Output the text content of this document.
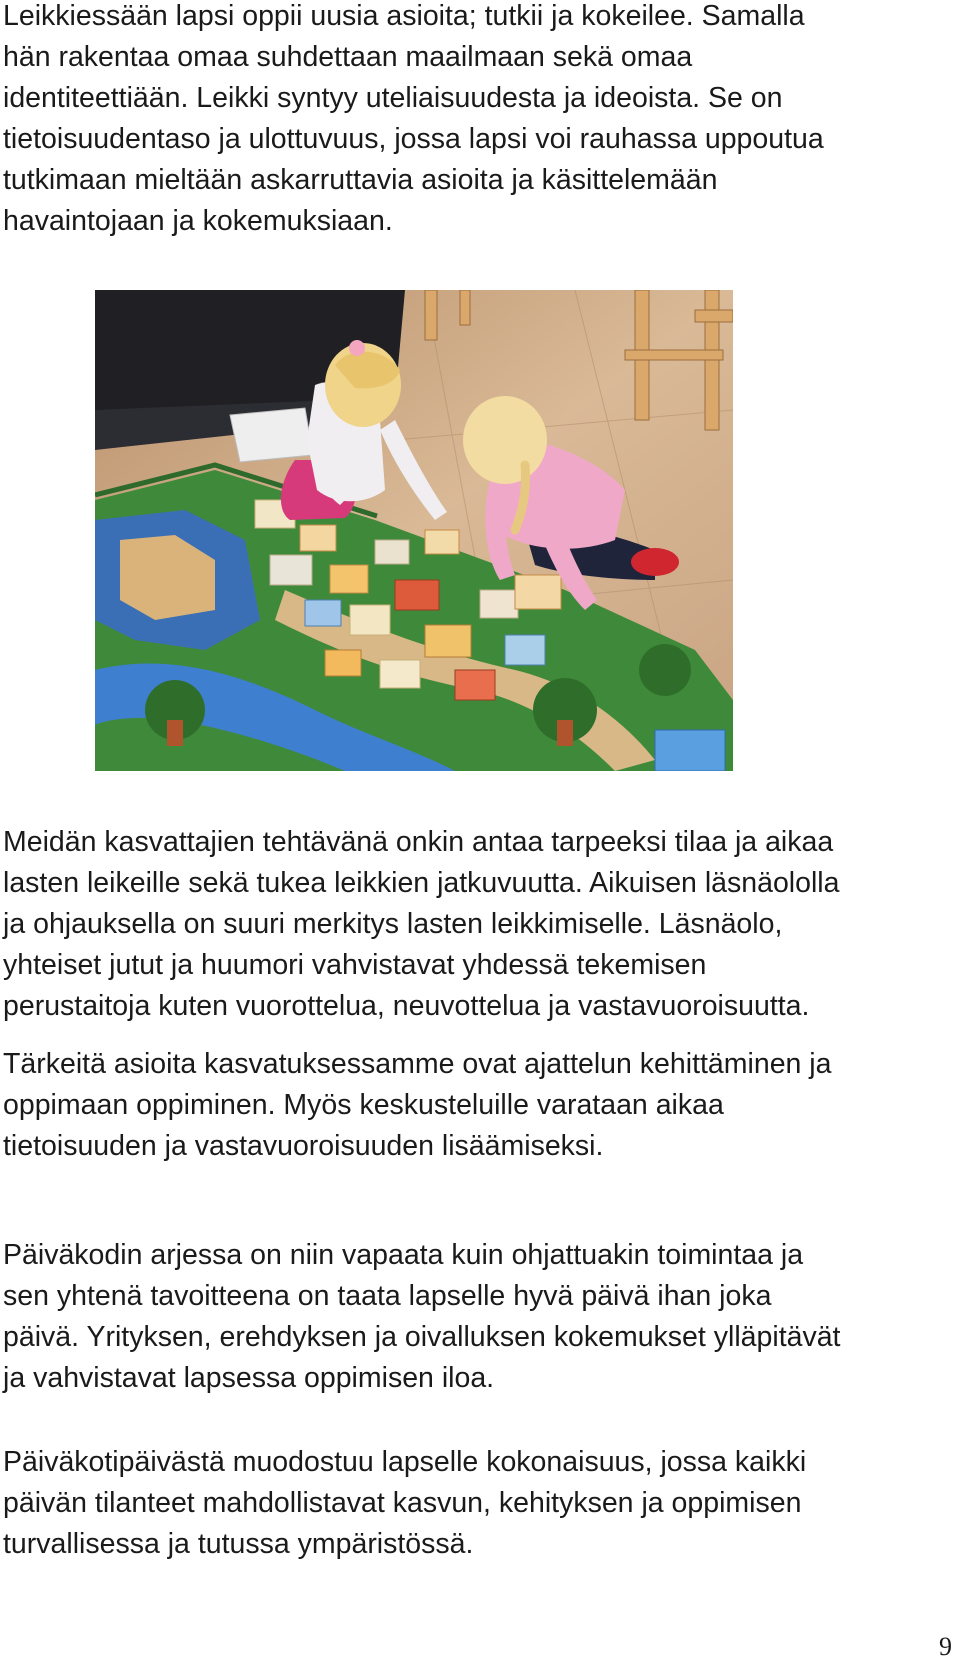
Leikkiessään lapsi oppii uusia asioita; tutkii ja kokeilee. Samalla
hän rakentaa omaa suhdettaan maailmaan sekä omaa
identiteettiään. Leikki syntyy uteliaisuudesta ja ideoista. Se on
tietoisuudentaso ja ulottuvuus, jossa lapsi voi rauhassa uppoutua
tutkimaan mieltään askarruttavia asioita ja käsittelemään
havaintojaan ja kokemuksiaan.

Meidän kasvattajien tehtävänä onkin antaa tarpeeksi tilaa ja aikaa
lasten leikeille sekä tukea leikkien jatkuvuutta. Aikuisen läsnäololla
ja ohjauksella on suuri merkitys lasten leikkimiselle. Läsnäolo,
yhteiset jutut ja huumori vahvistavat yhdessä tekemisen
perustaitoja kuten vuorottelua, neuvottelua ja vastavuoroisuutta.

Tärkeitä asioita kasvatuksessamme ovat ajattelun kehittäminen ja
oppimaan oppiminen. Myös keskusteluille varataan aikaa
tietoisuuden ja vastavuoroisuuden lisäämiseksi.

Päiväkodin arjessa on niin vapaata kuin ohjattuakin toimintaa ja
sen yhtenä tavoitteena on taata lapselle hyvä päivä ihan joka
päivä. Yrityksen, erehdyksen ja oivalluksen kokemukset ylläpitävät
ja vahvistavat lapsessa oppimisen iloa.

Päiväkotipäivästä muodostuu lapselle kokonaisuus, jossa kaikki
päivän tilanteet mahdollistavat kasvun, kehityksen ja oppimisen
turvallisessa ja tutussa ympäristössä.

9
